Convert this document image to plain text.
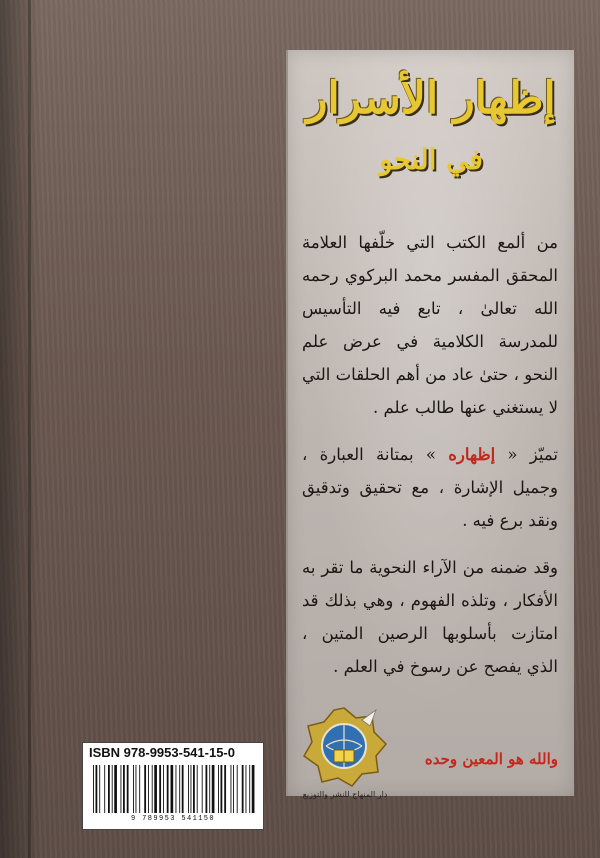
إظهار الأسرار
في النحو

من ألمع الكتب التي خلّفها العلامة المحقق المفسر محمد البركوي رحمه الله تعالىٰ ، تابع فيه التأسيس للمدرسة الكلامية في عرض علم النحو ، حتىٰ عاد من أهم الحلقات التي لا يستغني عنها طالب علم .

تميّز « إظهاره » بمتانة العبارة ، وجميل الإشارة ، مع تحقيق وتدقيق ونقد برع فيه .

وقد ضمنه من الآراء النحوية ما تقر به الأفكار ، وتلذه الفهوم ، وهي بذلك قد امتازت بأسلوبها الرصين المتين ، الذي يفصح عن رسوخ في العلم .

والله هو المعين وحده
دار المنهاج للنشر والتوزيع
ISBN 978-9953-541-15-0
9 789953 541150
